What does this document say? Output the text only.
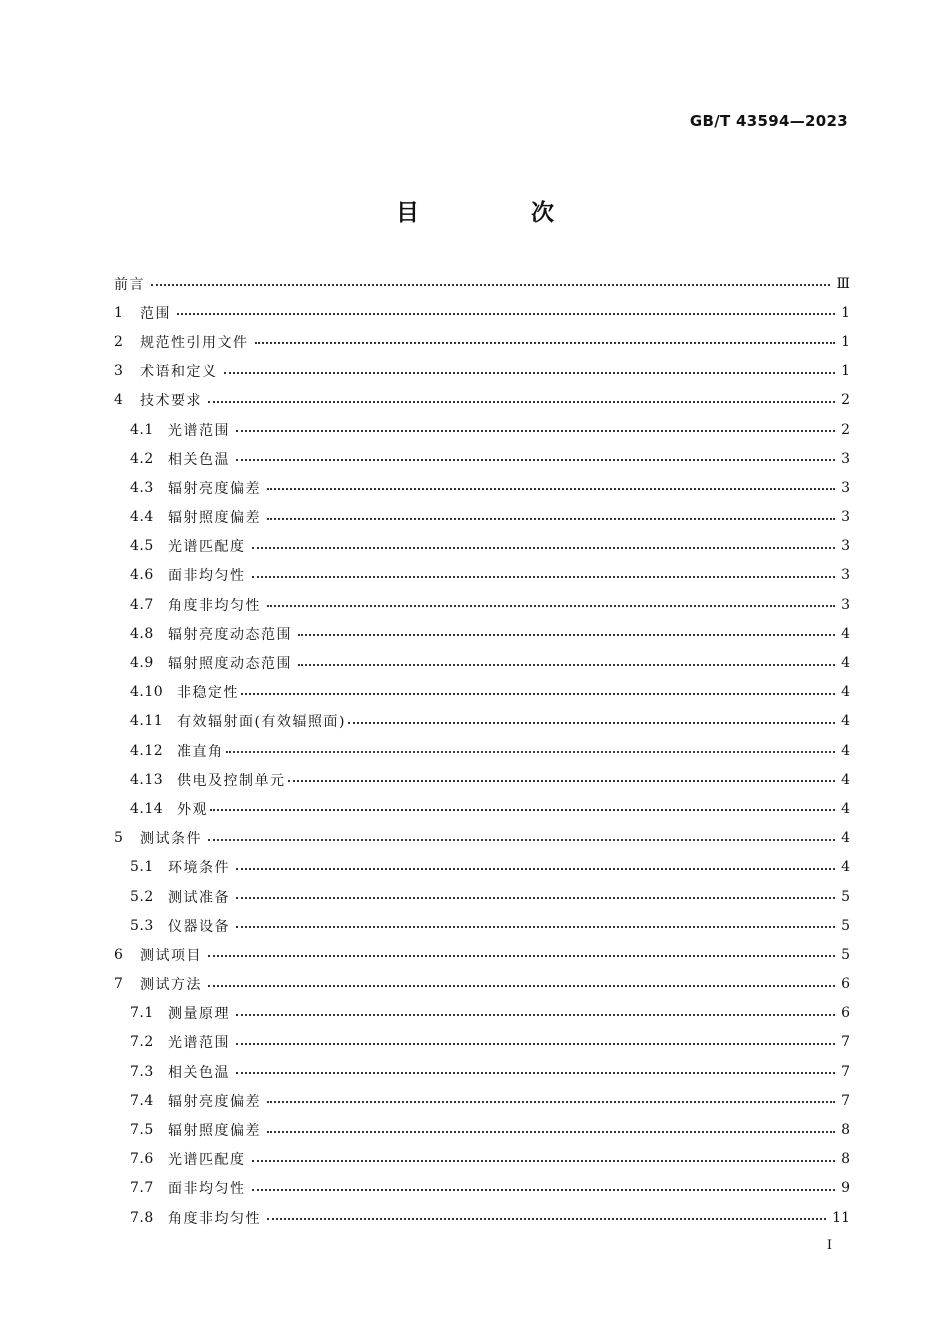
GB/T 43594—2023
目 次
前言	Ⅲ
1	范围	1
2	规范性引用文件	1
3	术语和定义	1
4	技术要求	2
4.1	光谱范围	2
4.2	相关色温	3
4.3	辐射亮度偏差	3
4.4	辐射照度偏差	3
4.5	光谱匹配度	3
4.6	面非均匀性	3
4.7	角度非均匀性	3
4.8	辐射亮度动态范围	4
4.9	辐射照度动态范围	4
4.10 非稳定性	4
4.11 有效辐射面(有效辐照面)	4
4.12 准直角	4
4.13 供电及控制单元	4
4.14 外观	4
5	测试条件	4
5.1	环境条件	4
5.2	测试准备	5
5.3	仪器设备	5
6	测试项目	5
7	测试方法	6
7.1	测量原理	6
7.2	光谱范围	7
7.3	相关色温	7
7.4	辐射亮度偏差	7
7.5	辐射照度偏差	8
7.6	光谱匹配度	8
7.7	面非均匀性	9
7.8	角度非均匀性	11
I
